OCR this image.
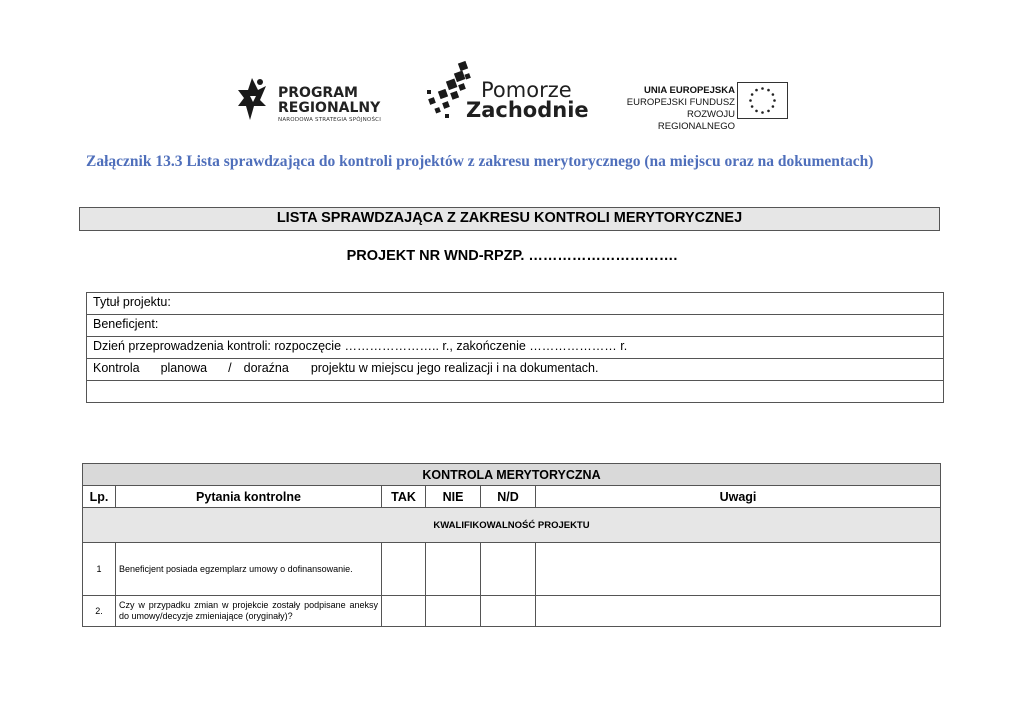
PROGRAM
REGIONALNY
NARODOWA STRATEGIA SPÓJNOŚCI
Pomorze
Zachodnie
UNIA EUROPEJSKA
EUROPEJSKI FUNDUSZ
ROZWOJU REGIONALNEGO
Załącznik 13.3 Lista sprawdzająca do kontroli projektów z zakresu merytorycznego (na miejscu oraz na dokumentach)
LISTA SPRAWDZAJĄCA Z ZAKRESU KONTROLI MERYTORYCZNEJ
PROJEKT NR WND-RPZP. ………………………….
Tytuł projektu:
Beneficjent:
Dzień przeprowadzenia kontroli: rozpoczęcie ………………….. r., zakończenie ………………… r.
Kontrola planowa / doraźna projektu w miejscu jego realizacji i na dokumentach.

KONTROLA MERYTORYCZNA					
Lp.	Pytania kontrolne	TAK	NIE	N/D	Uwagi
KWALIFIKOWALNOŚĆ PROJEKTU					
1	Beneficjent posiada egzemplarz umowy o dofinansowanie.				
2.	Czy w przypadku zmian w projekcie zostały podpisane aneksy do umowy/decyzje zmieniające (oryginały)?				
